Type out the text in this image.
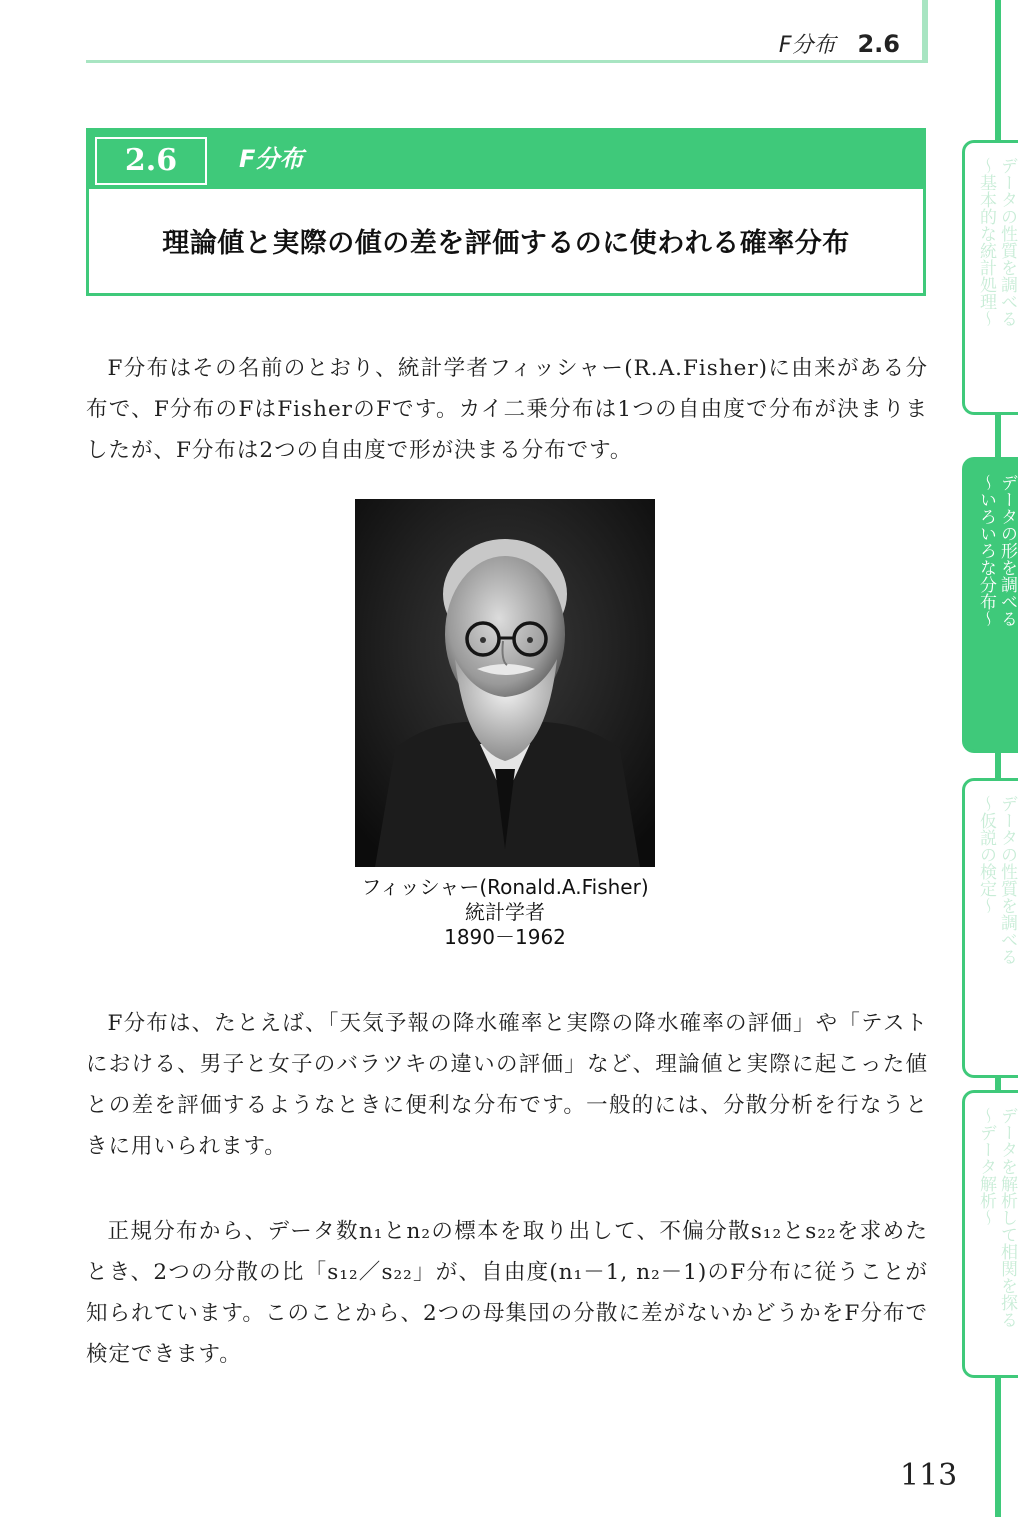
F分布 2.6
2.6	F分布
理論値と実際の値の差を評価するのに使われる確率分布

F分布はその名前のとおり、統計学者フィッシャー(R.A.Fisher)に由来がある分布で、F分布のFはFisherのFです。カイ二乗分布は1つの自由度で分布が決まりましたが、F分布は2つの自由度で形が決まる分布です。

フィッシャー(Ronald.A.Fisher)
統計学者
1890－1962

F分布は、たとえば、「天気予報の降水確率と実際の降水確率の評価」や「テストにおける、男子と女子のバラツキの違いの評価」など、理論値と実際に起こった値との差を評価するようなときに便利な分布です。一般的には、分散分析を行なうときに用いられます。

正規分布から、データ数n₁とn₂の標本を取り出して、不偏分散s₁₂とs₂₂を求めたとき、2つの分散の比「s₁₂／s₂₂」が、自由度(n₁－1, n₂－1)のF分布に従うことが知られています。このことから、2つの母集団の分散に差がないかどうかをF分布で検定できます。

113
データの性質を調べる
～基本的な統計処理～
データの形を調べる
～いろいろな分布～
データの性質を調べる
～仮説の検定～
データを解析して相関を探る
～データ解析～
